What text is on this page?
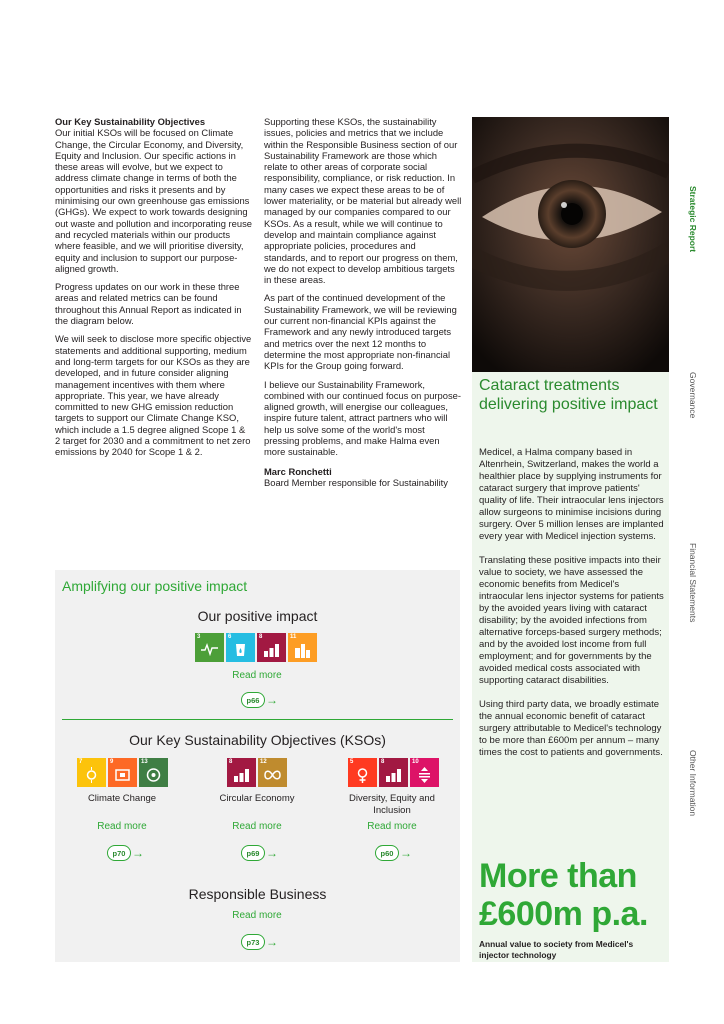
Our Key Sustainability Objectives

Our initial KSOs will be focused on Climate Change, the Circular Economy, and Diversity, Equity and Inclusion. Our specific actions in these areas will evolve, but we expect to address climate change in terms of both the opportunities and risks it presents and by minimising our own greenhouse gas emissions (GHGs). We expect to work towards designing out waste and pollution and incorporating reuse and recycled materials within our products where feasible, and we will prioritise diversity, equity and inclusion to support our purpose-aligned growth.

Progress updates on our work in these three areas and related metrics can be found throughout this Annual Report as indicated in the diagram below.

We will seek to disclose more specific objective statements and additional supporting, medium and long-term targets for our KSOs as they are developed, and in future consider aligning management incentives with them where appropriate. This year, we have already committed to new GHG emission reduction targets to support our Climate Change KSO, which include a 1.5 degree aligned Scope 1 & 2 target for 2030 and a commitment to net zero emissions by 2040 for Scope 1 & 2.

Supporting these KSOs, the sustainability issues, policies and metrics that we include within the Responsible Business section of our Sustainability Framework are those which relate to other areas of corporate social responsibility, compliance, or risk reduction. In many cases we expect these areas to be of lower materiality, or be material but already well managed by our companies compared to our KSOs. As a result, while we will continue to develop and maintain compliance against appropriate policies, procedures and standards, and to report our progress on them, we do not expect to develop ambitious targets in these areas.

As part of the continued development of the Sustainability Framework, we will be reviewing our current non-financial KPIs against the Framework and any newly introduced targets and metrics over the next 12 months to determine the most appropriate non-financial KPIs for the Group going forward.

I believe our Sustainability Framework, combined with our continued focus on purpose-aligned growth, will energise our colleagues, inspire future talent, attract partners who will help us solve some of the world's most pressing problems, and make Halma even more sustainable.

Marc Ronchetti
Board Member responsible for Sustainability
Amplifying our positive impact
Our positive impact
3	6	8	11
Read more
p66 →
Our Key Sustainability Objectives (KSOs)
7	9	13
Climate Change
Read more
p70 →
8	12
Circular Economy
Read more
p69 →
5	8	10
Diversity, Equity and Inclusion
Read more
p60 →
Responsible Business
Read more
p73 →
Cataract treatments delivering positive impact

Medicel, a Halma company based in Altenrhein, Switzerland, makes the world a healthier place by supplying instruments for cataract surgery that improve patients' quality of life. Their intraocular lens injectors allow surgeons to minimise incisions during surgery. Over 5 million lenses are implanted every year with Medicel injection systems.

Translating these positive impacts into their value to society, we have assessed the economic benefits from Medicel's intraocular lens injector systems for patients by the avoided years living with cataract disability; by the avoided infections from alternative forceps-based surgery methods; and by the avoided lost income from full employment; and for governments by the avoided medical costs associated with supporting cataract disabilities.

Using third party data, we broadly estimate the annual economic benefit of cataract surgery attributable to Medicel's technology to be more than £600m per annum – many times the cost to patients and governments.

More than
£600m p.a.
Annual value to society from Medicel's injector technology
Strategic Report
Governance
Financial Statements
Other Information
